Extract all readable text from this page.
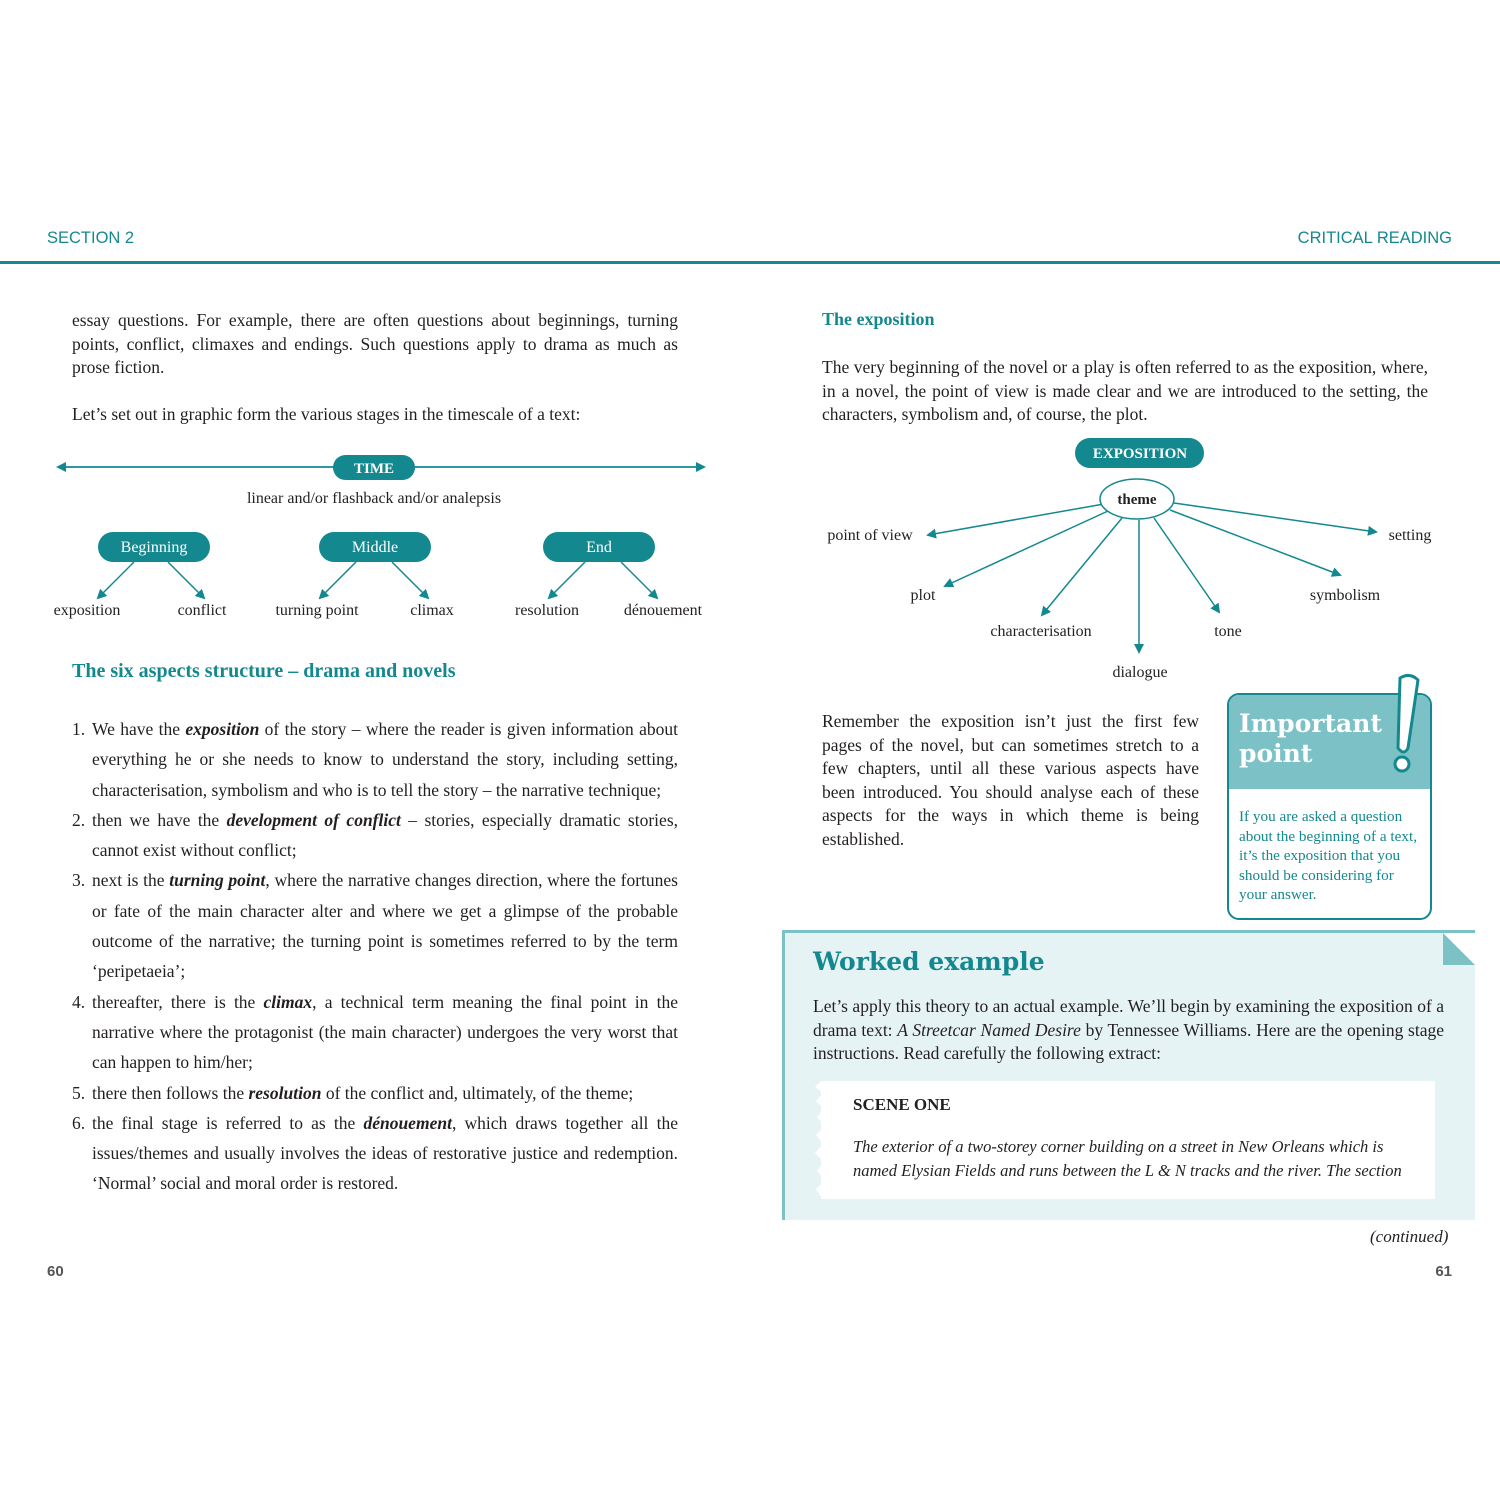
SECTION 2	CRITICAL READING

essay questions. For example, there are often questions about beginnings, turning points, conflict, climaxes and endings. Such questions apply to drama as much as prose fiction.

Let’s set out in graphic form the various stages in the timescale of a text:

TIME
linear and/or flashback and/or analepsis
Beginning
exposition	conflict
Middle
turning point	climax
End
resolution	dénouement
The six aspects structure – drama and novels
1. We have the exposition of the story – where the reader is given information about everything he or she needs to know to understand the story, including setting, characterisation, symbolism and who is to tell the story – the narrative technique;
2. then we have the development of conflict – stories, especially dramatic stories, cannot exist without conflict;
3. next is the turning point, where the narrative changes direction, where the fortunes or fate of the main character alter and where we get a glimpse of the probable outcome of the narrative; the turning point is sometimes referred to by the term ‘peripetaeia’;
4. thereafter, there is the climax, a technical term meaning the final point in the narrative where the protagonist (the main character) undergoes the very worst that can happen to him/her;
5. there then follows the resolution of the conflict and, ultimately, of the theme;
6. the final stage is referred to as the dénouement, which draws together all the issues/themes and usually involves the ideas of restorative justice and redemption. ‘Normal’ social and moral order is restored.
60
The exposition

The very beginning of the novel or a play is often referred to as the exposition, where, in a novel, the point of view is made clear and we are introduced to the setting, the characters, symbolism and, of course, the plot.

EXPOSITION
theme
point of view
plot
characterisation
dialogue
tone
symbolism
setting

Remember the exposition isn’t just the first few pages of the novel, but can sometimes stretch to a few chapters, until all these various aspects have been introduced. You should analyse each of these aspects for the ways in which theme is being established.

Important
point

If you are asked a question about the beginning of a text, it’s the exposition that you should be considering for your answer.

Worked example

Let’s apply this theory to an actual example. We’ll begin by examining the exposition of a drama text: A Streetcar Named Desire by Tennessee Williams. Here are the opening stage instructions. Read carefully the following extract:

SCENE ONE

The exterior of a two-storey corner building on a street in New Orleans which is named Elysian Fields and runs between the L & N tracks and the river. The section

(continued)
61
